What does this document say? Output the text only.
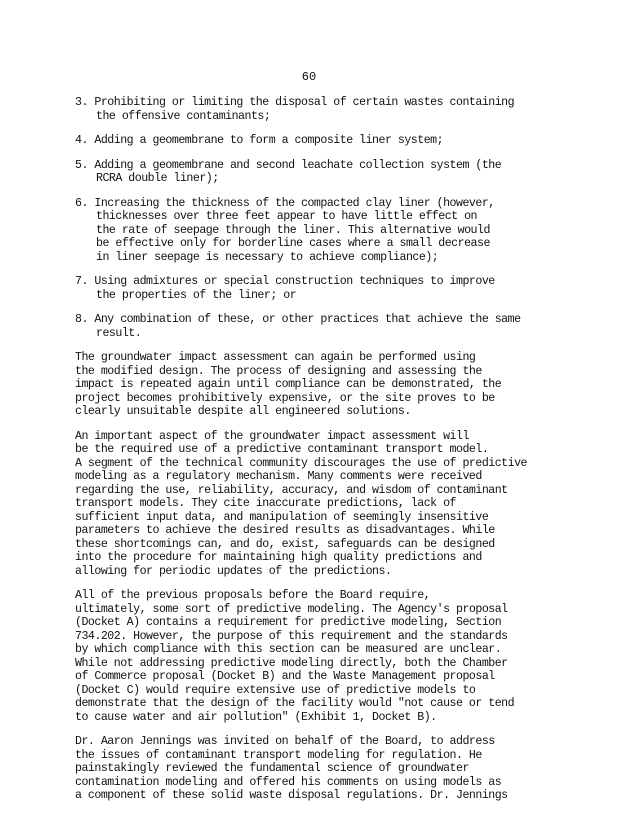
60
3. Prohibiting or limiting the disposal of certain wastes containing
the offensive contaminants;
4. Adding a geomembrane to form a composite liner system;
5. Adding a geomembrane and second leachate collection system (the
RCRA double liner);
6. Increasing the thickness of the compacted clay liner (however,
thicknesses over three feet appear to have little effect on
the rate of seepage through the liner. This alternative would
be effective only for borderline cases where a small decrease
in liner seepage is necessary to achieve compliance);
7. Using admixtures or special construction techniques to improve
the properties of the liner; or
8. Any combination of these, or other practices that achieve the same
result.
The groundwater impact assessment can again be performed using
the modified design. The process of designing and assessing the
impact is repeated again until compliance can be demonstrated, the
project becomes prohibitively expensive, or the site proves to be
clearly unsuitable despite all engineered solutions.
An important aspect of the groundwater impact assessment will
be the required use of a predictive contaminant transport model.
A segment of the technical community discourages the use of predictive
modeling as a regulatory mechanism. Many comments were received
regarding the use, reliability, accuracy, and wisdom of contaminant
transport models. They cite inaccurate predictions, lack of
sufficient input data, and manipulation of seemingly insensitive
parameters to achieve the desired results as disadvantages. While
these shortcomings can, and do, exist, safeguards can be designed
into the procedure for maintaining high quality predictions and
allowing for periodic updates of the predictions.
All of the previous proposals before the Board require,
ultimately, some sort of predictive modeling. The Agency's proposal
(Docket A) contains a requirement for predictive modeling, Section
734.202. However, the purpose of this requirement and the standards
by which compliance with this section can be measured are unclear.
While not addressing predictive modeling directly, both the Chamber
of Commerce proposal (Docket B) and the Waste Management proposal
(Docket C) would require extensive use of predictive models to
demonstrate that the design of the facility would "not cause or tend
to cause water and air pollution" (Exhibit 1, Docket B).
Dr. Aaron Jennings was invited on behalf of the Board, to address
the issues of contaminant transport modeling for regulation. He
painstakingly reviewed the fundamental science of groundwater
contamination modeling and offered his comments on using models as
a component of these solid waste disposal regulations. Dr. Jennings
